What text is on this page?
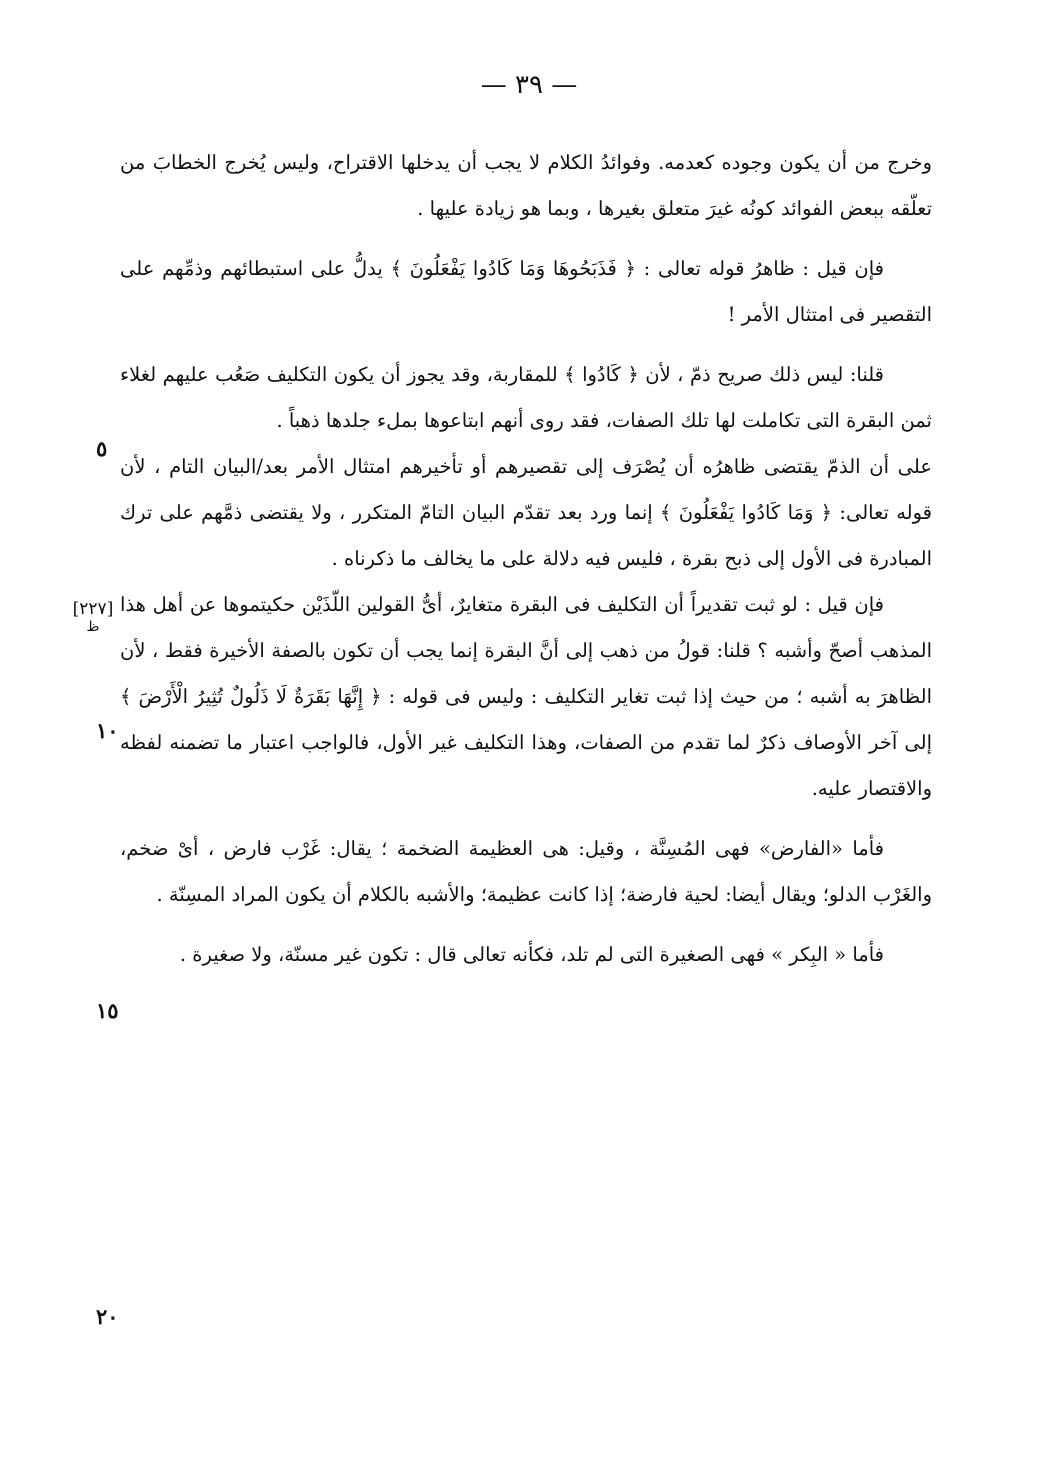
— ٣٩ —

وخرج من أن يكون وجوده كعدمه. وفوائدُ الكلام لا يجب أن يدخلها الاقتراح، وليس يُخرج الخطابَ من تعلّقه ببعض الفوائد كونُه غيرَ متعلق بغيرها ، وبما هو زيادة عليها .

فإن قيل : ظاهرُ قوله تعالى : ﴿ فَذَبَحُوهَا وَمَا كَادُوا يَفْعَلُونَ ﴾ يدلُّ على استبطائهم وذمِّهم على التقصير فى امتثال الأمر !

قلنا: ليس ذلك صريح ذمّ ، لأن ﴿ كَادُوا ﴾ للمقاربة، وقد يجوز أن يكون التكليف صَعُب عليهم لغلاء ثمن البقرة التى تكاملت لها تلك الصفات، فقد روى أنهم ابتاعوها بملء جلدها ذهباً .

على أن الذمّ يقتضى ظاهرُه أن يُصْرَف إلى تقصيرهم أو تأخيرهم امتثال الأمر بعد/البيان التام ، لأن قوله تعالى: ﴿ وَمَا كَادُوا يَفْعَلُونَ ﴾ إنما ورد بعد تقدّم البيان التامّ المتكرر ، ولا يقتضى ذمَّهم على ترك المبادرة فى الأول إلى ذبح بقرة ، فليس فيه دلالة على ما يخالف ما ذكرناه .

فإن قيل : لو ثبت تقديراً أن التكليف فى البقرة متغايرٌ، أىُّ القولين اللّذَيْن حكيتموها عن أهل هذا المذهب أصحّ وأشبه ؟ قلنا: قولُ من ذهب إلى أنَّ البقرة إنما يجب أن تكون بالصفة الأخيرة فقط ، لأن الظاهرَ به أشبه ؛ من حيث إذا ثبت تغاير التكليف : وليس فى قوله : ﴿ إِنَّهَا بَقَرَةٌ لَا ذَلُولٌ تُثِيرُ الْأَرْضَ ﴾ إلى آخر الأوصاف ذكرٌ لما تقدم من الصفات، وهذا التكليف غير الأول، فالواجب اعتبار ما تضمنه لفظه والاقتصار عليه.

فأما «الفارض» فهى المُسِنَّة ، وقيل: هى العظيمة الضخمة ؛ يقال: غَرْب فارض ، أىْ ضخم، والغَرْب الدلو؛ ويقال أيضا: لحية فارضة؛ إذا كانت عظيمة؛ والأشبه بالكلام أن يكون المراد المسِنّة .

فأما « البِكر » فهى الصغيرة التى لم تلد، فكأنه تعالى قال : تكون غير مسنّة، ولا صغيرة .

٥
١٠
١٥
٢٠
[٢٢٧]
ظ
